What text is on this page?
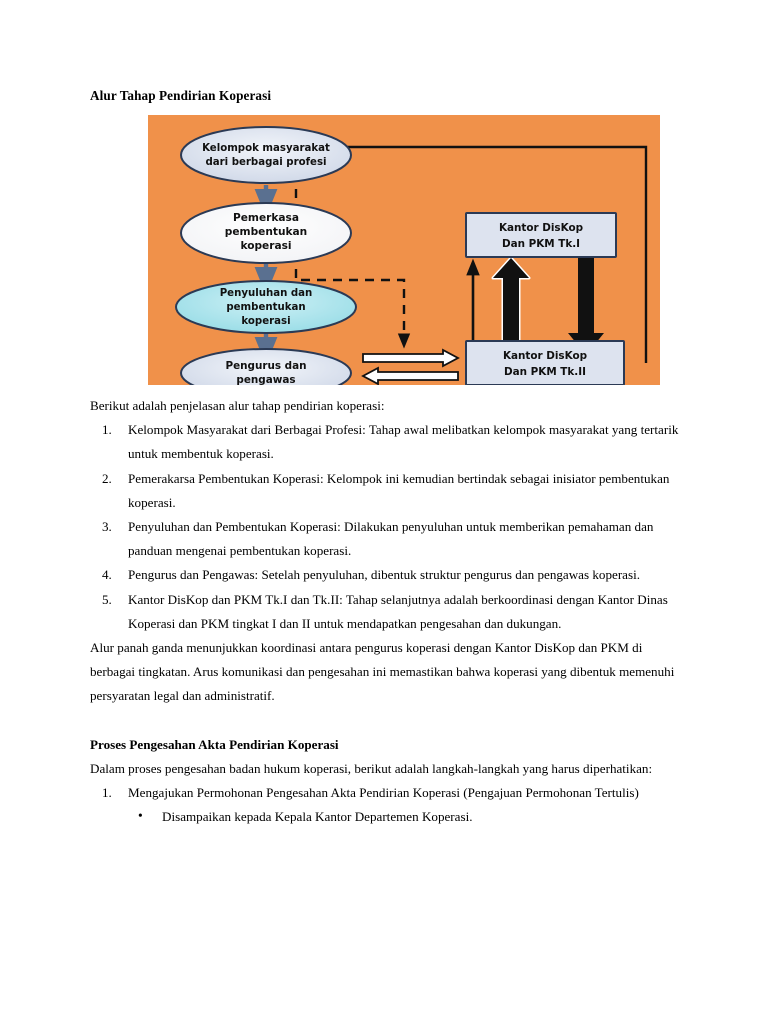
Alur Tahap Pendirian Koperasi
Kelompok masyarakat
dari berbagai profesi
Pemerkasa
pembentukan
koperasi
Penyuluhan dan
pembentukan
koperasi
Pengurus dan
pengawas
Kantor DisKop
Dan PKM Tk.I
Kantor DisKop
Dan PKM Tk.II

Berikut adalah penjelasan alur tahap pendirian koperasi:

Kelompok Masyarakat dari Berbagai Profesi: Tahap awal melibatkan kelompok masyarakat yang tertarik untuk membentuk koperasi.
Pemerakarsa Pembentukan Koperasi: Kelompok ini kemudian bertindak sebagai inisiator pembentukan koperasi.
Penyuluhan dan Pembentukan Koperasi: Dilakukan penyuluhan untuk memberikan pemahaman dan panduan mengenai pembentukan koperasi.
Pengurus dan Pengawas: Setelah penyuluhan, dibentuk struktur pengurus dan pengawas koperasi.
Kantor DisKop dan PKM Tk.I dan Tk.II: Tahap selanjutnya adalah berkoordinasi dengan Kantor Dinas Koperasi dan PKM tingkat I dan II untuk mendapatkan pengesahan dan dukungan.

Alur panah ganda menunjukkan koordinasi antara pengurus koperasi dengan Kantor DisKop dan PKM di berbagai tingkatan. Arus komunikasi dan pengesahan ini memastikan bahwa koperasi yang dibentuk memenuhi persyaratan legal dan administratif.

Proses Pengesahan Akta Pendirian Koperasi

Dalam proses pengesahan badan hukum koperasi, berikut adalah langkah-langkah yang harus diperhatikan:

Mengajukan Permohonan Pengesahan Akta Pendirian Koperasi (Pengajuan Permohonan Tertulis)
• Disampaikan kepada Kepala Kantor Departemen Koperasi.
